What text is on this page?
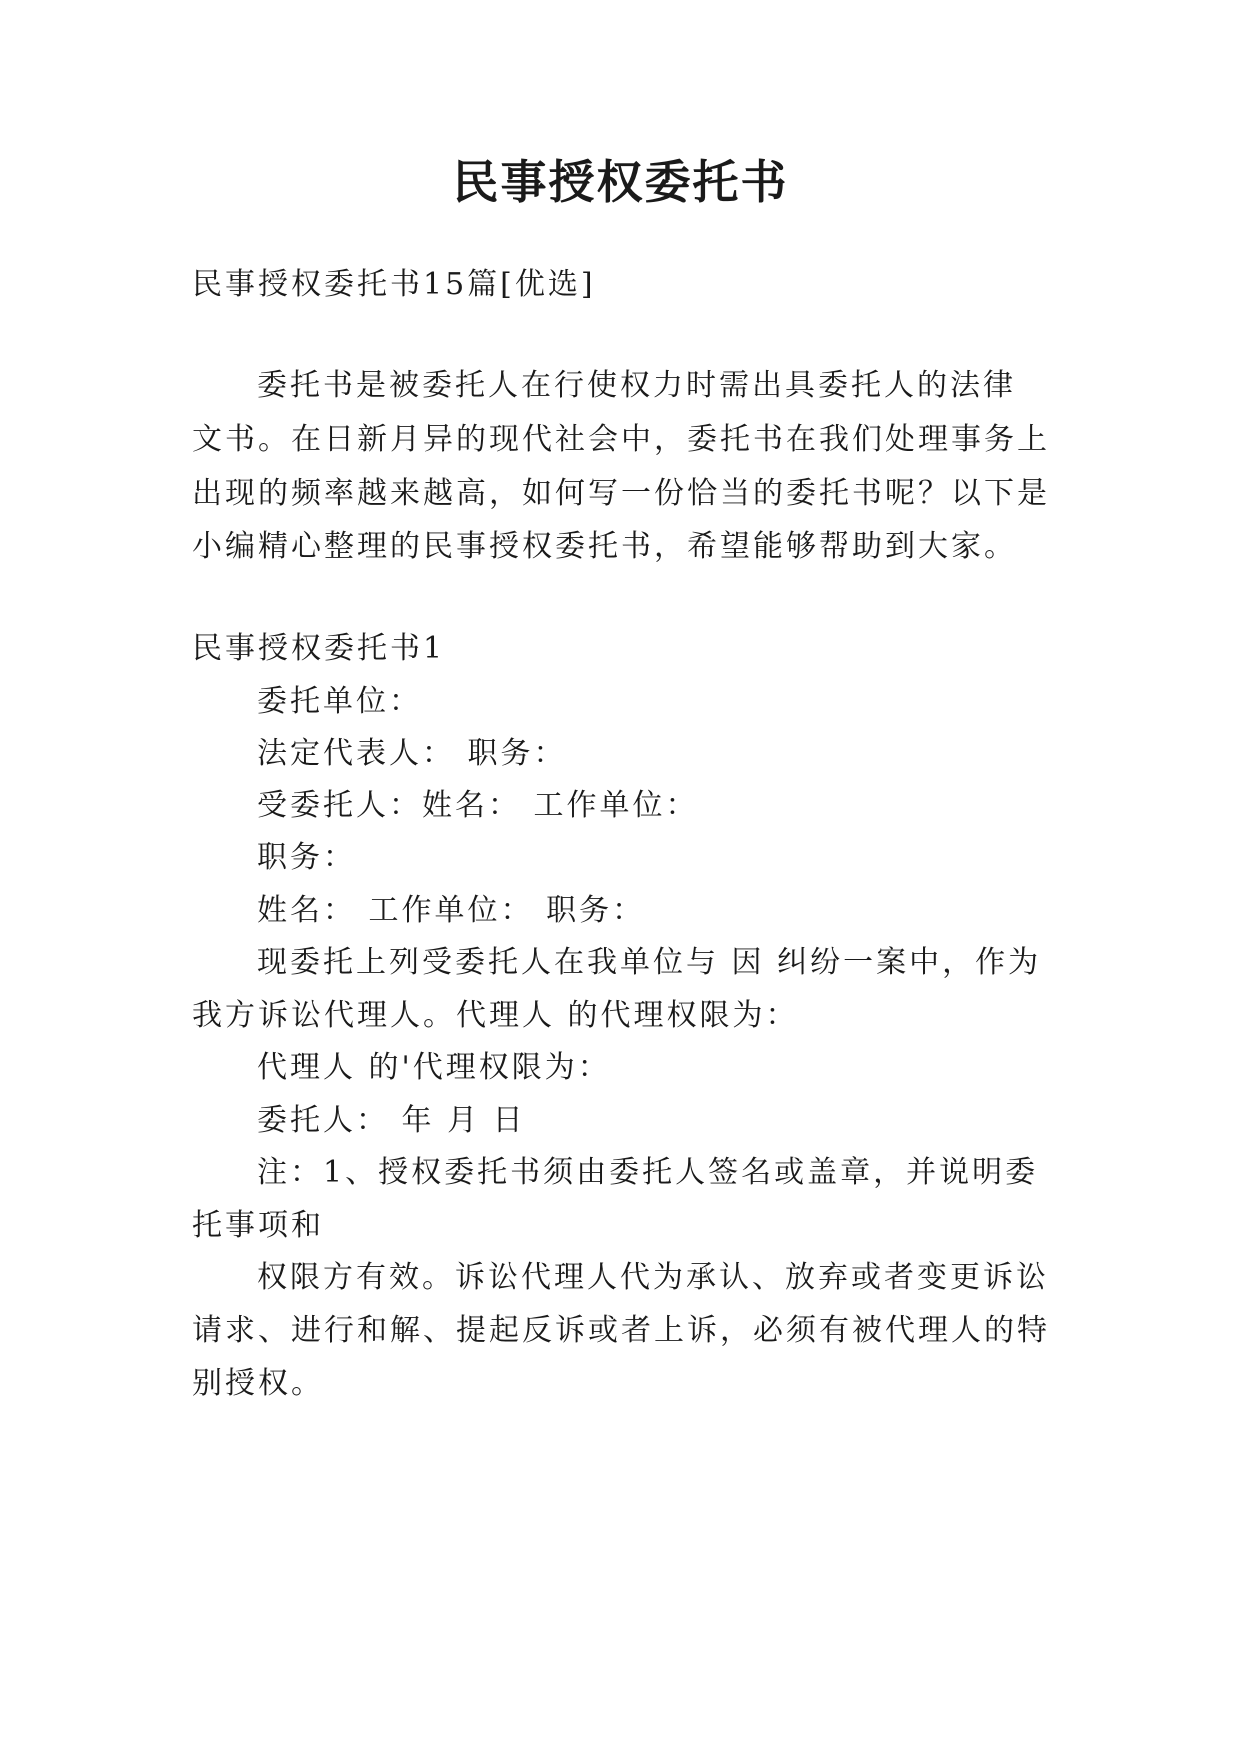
民事授权委托书

民事授权委托书15篇[优选]

委托书是被委托人在行使权力时需出具委托人的法律

文书。在日新月异的现代社会中，委托书在我们处理事务上

出现的频率越来越高，如何写一份恰当的委托书呢？以下是

小编精心整理的民事授权委托书，希望能够帮助到大家。

民事授权委托书1

委托单位：

法定代表人： 职务：

受委托人：姓名： 工作单位：

职务：

姓名： 工作单位： 职务：

现委托上列受委托人在我单位与 因 纠纷一案中，作为

我方诉讼代理人。代理人 的代理权限为：

代理人 的'代理权限为：

委托人： 年 月 日

注：1、授权委托书须由委托人签名或盖章，并说明委

托事项和

权限方有效。诉讼代理人代为承认、放弃或者变更诉讼

请求、进行和解、提起反诉或者上诉，必须有被代理人的特

别授权。
